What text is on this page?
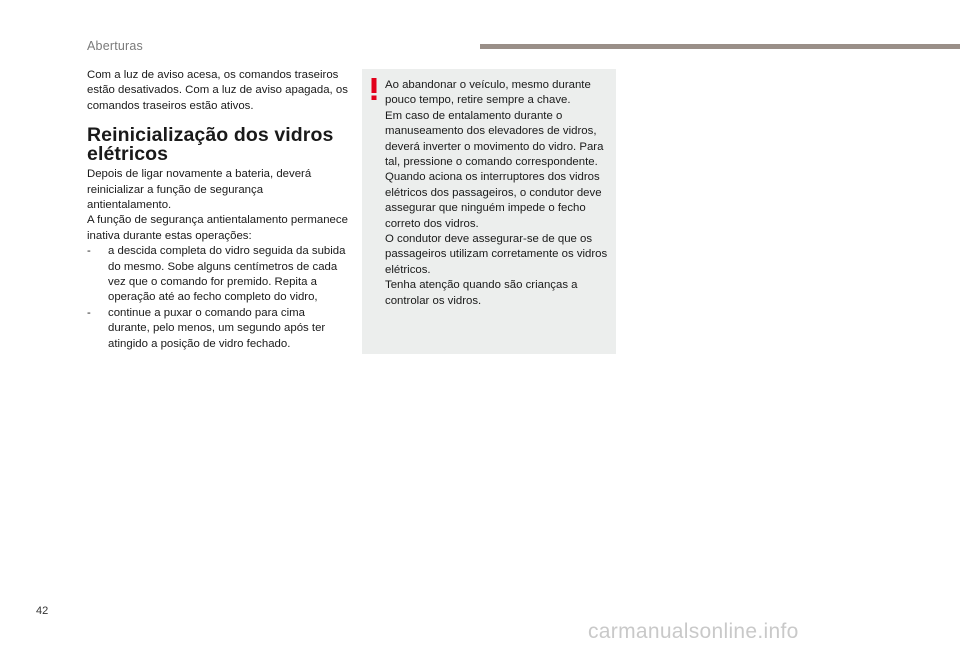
Aberturas

Com a luz de aviso acesa, os comandos traseiros estão desativados. Com a luz de aviso apagada, os comandos traseiros estão ativos.

Reinicialização dos vidros elétricos

Depois de ligar novamente a bateria, deverá reinicializar a função de segurança antientalamento.

A função de segurança antientalamento permanece inativa durante estas operações:

-	a descida completa do vidro seguida da subida do mesmo. Sobe alguns centímetros de cada vez que o comando for premido. Repita a operação até ao fecho completo do vidro,
-	continue a puxar o comando para cima durante, pelo menos, um segundo após ter atingido a posição de vidro fechado.

Ao abandonar o veículo, mesmo durante pouco tempo, retire sempre a chave.

Em caso de entalamento durante o manuseamento dos elevadores de vidros, deverá inverter o movimento do vidro. Para tal, pressione o comando correspondente.

Quando aciona os interruptores dos vidros elétricos dos passageiros, o condutor deve assegurar que ninguém impede o fecho correto dos vidros.

O condutor deve assegurar-se de que os passageiros utilizam corretamente os vidros elétricos.

Tenha atenção quando são crianças a controlar os vidros.

42
carmanualsonline.info
